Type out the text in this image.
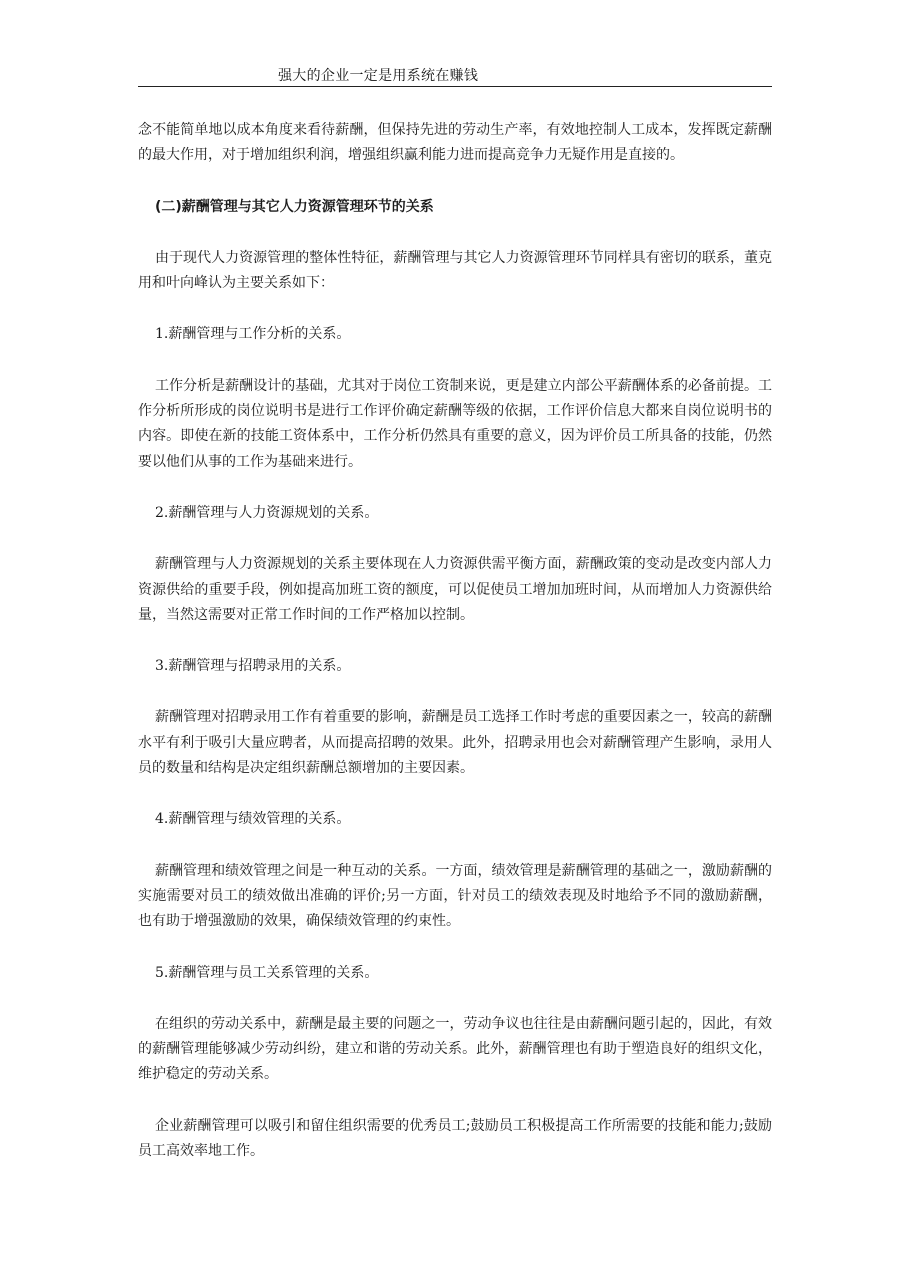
强大的企业一定是用系统在赚钱

念不能简单地以成本角度来看待薪酬，但保持先进的劳动生产率，有效地控制人工成本，发挥既定薪酬的最大作用，对于增加组织利润，增强组织赢利能力进而提高竞争力无疑作用是直接的。

(二)薪酬管理与其它人力资源管理环节的关系

由于现代人力资源管理的整体性特征，薪酬管理与其它人力资源管理环节同样具有密切的联系，董克用和叶向峰认为主要关系如下：

1.薪酬管理与工作分析的关系。

工作分析是薪酬设计的基础，尤其对于岗位工资制来说，更是建立内部公平薪酬体系的必备前提。工作分析所形成的岗位说明书是进行工作评价确定薪酬等级的依据，工作评价信息大都来自岗位说明书的内容。即使在新的技能工资体系中，工作分析仍然具有重要的意义，因为评价员工所具备的技能，仍然要以他们从事的工作为基础来进行。

2.薪酬管理与人力资源规划的关系。

薪酬管理与人力资源规划的关系主要体现在人力资源供需平衡方面，薪酬政策的变动是改变内部人力资源供给的重要手段，例如提高加班工资的额度，可以促使员工增加加班时间，从而增加人力资源供给量，当然这需要对正常工作时间的工作严格加以控制。

3.薪酬管理与招聘录用的关系。

薪酬管理对招聘录用工作有着重要的影响，薪酬是员工选择工作时考虑的重要因素之一，较高的薪酬水平有利于吸引大量应聘者，从而提高招聘的效果。此外，招聘录用也会对薪酬管理产生影响，录用人员的数量和结构是决定组织薪酬总额增加的主要因素。

4.薪酬管理与绩效管理的关系。

薪酬管理和绩效管理之间是一种互动的关系。一方面，绩效管理是薪酬管理的基础之一，激励薪酬的实施需要对员工的绩效做出准确的评价;另一方面，针对员工的绩效表现及时地给予不同的激励薪酬，也有助于增强激励的效果，确保绩效管理的约束性。

5.薪酬管理与员工关系管理的关系。

在组织的劳动关系中，薪酬是最主要的问题之一，劳动争议也往往是由薪酬问题引起的，因此，有效的薪酬管理能够减少劳动纠纷，建立和谐的劳动关系。此外，薪酬管理也有助于塑造良好的组织文化，维护稳定的劳动关系。

企业薪酬管理可以吸引和留住组织需要的优秀员工;鼓励员工积极提高工作所需要的技能和能力;鼓励员工高效率地工作。
